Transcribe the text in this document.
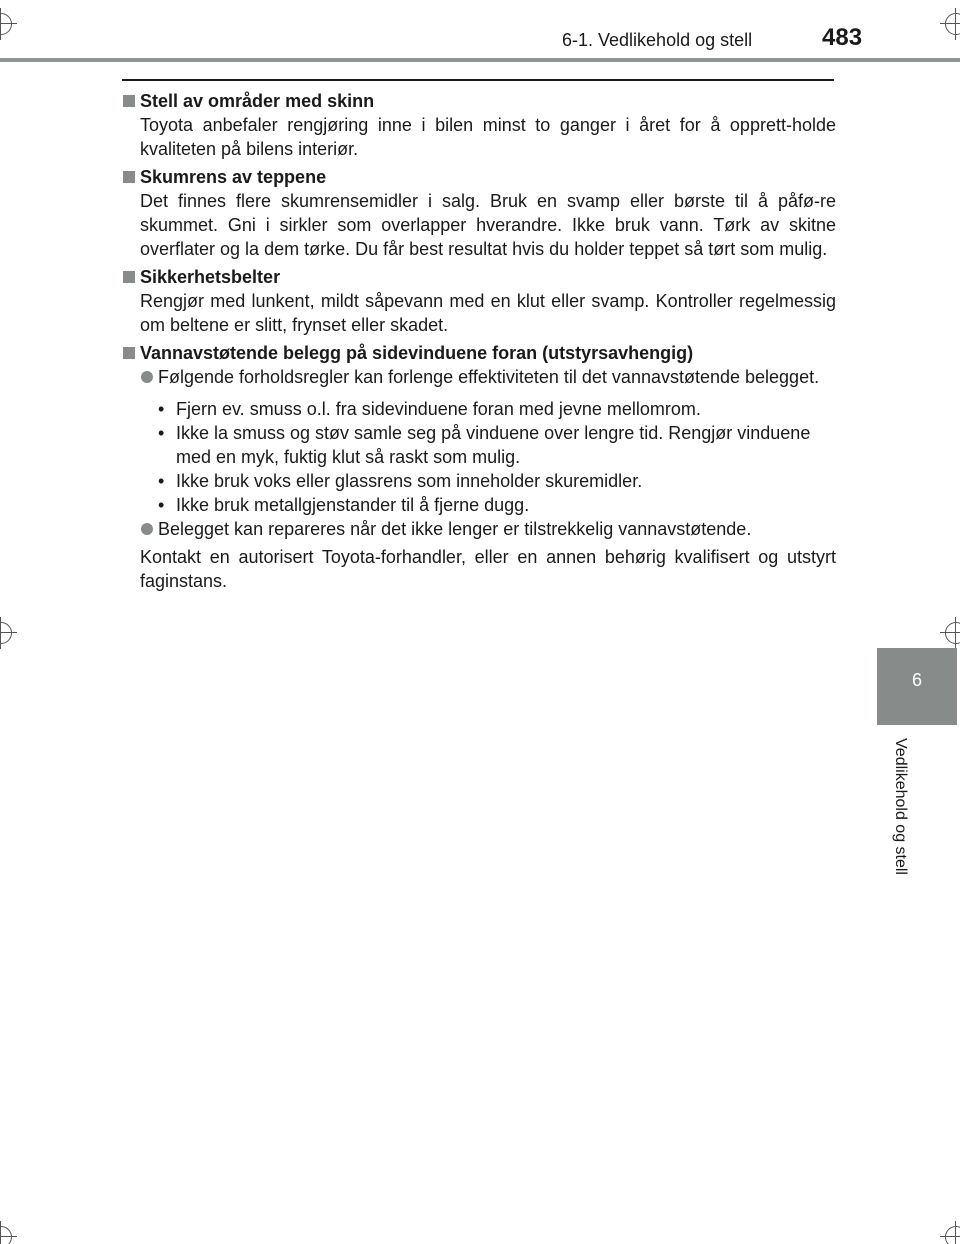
6-1. Vedlikehold og stell	483
6
Vedlikehold og stell
Stell av områder med skinn

Toyota anbefaler rengjøring inne i bilen minst to ganger i året for å opprett-holde kvaliteten på bilens interiør.

Skumrens av teppene

Det finnes flere skumrensemidler i salg. Bruk en svamp eller børste til å påfø-re skummet. Gni i sirkler som overlapper hverandre. Ikke bruk vann. Tørk av skitne overflater og la dem tørke. Du får best resultat hvis du holder teppet så tørt som mulig.

Sikkerhetsbelter

Rengjør med lunkent, mildt såpevann med en klut eller svamp. Kontroller regelmessig om beltene er slitt, frynset eller skadet.

Vannavstøtende belegg på sidevinduene foran (utstyrsavhengig)
Følgende forholdsregler kan forlenge effektiviteten til det vannavstøtende belegget.
• Fjern ev. smuss o.l. fra sidevinduene foran med jevne mellomrom.
• Ikke la smuss og støv samle seg på vinduene over lengre tid. Rengjør vinduene med en myk, fuktig klut så raskt som mulig.
• Ikke bruk voks eller glassrens som inneholder skuremidler.
• Ikke bruk metallgjenstander til å fjerne dugg.
Belegget kan repareres når det ikke lenger er tilstrekkelig vannavstøtende.

Kontakt en autorisert Toyota-forhandler, eller en annen behørig kvalifisert og utstyrt faginstans.
